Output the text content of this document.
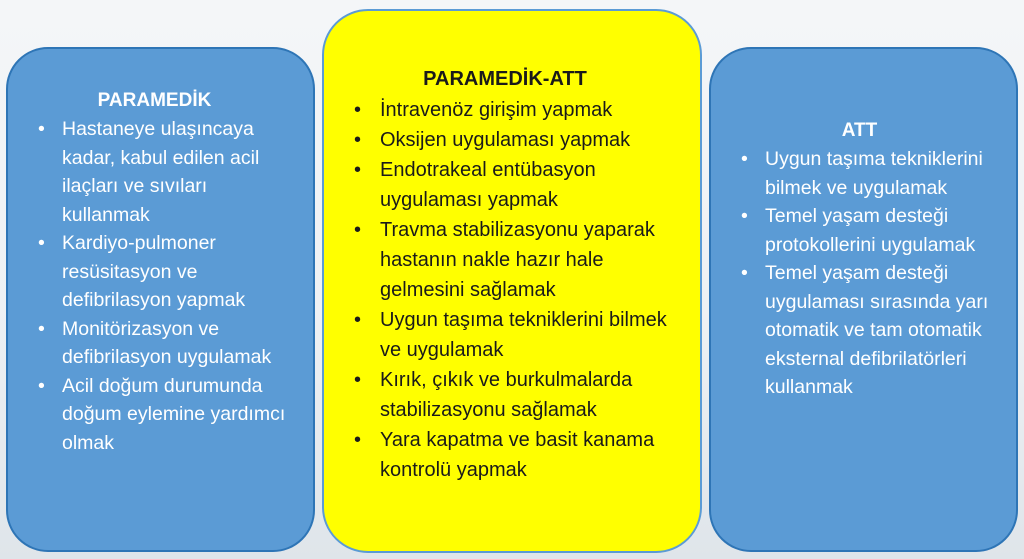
PARAMEDİK
• Hastaneye ulaşıncaya kadar, kabul edilen acil ilaçları ve sıvıları kullanmak
• Kardiyo-pulmoner resüsitasyon ve defibrilasyon yapmak
• Monitörizasyon ve defibrilasyon uygulamak
• Acil doğum durumunda doğum eylemine yardımcı olmak
PARAMEDİK-ATT
• İntravenöz girişim yapmak
• Oksijen uygulaması yapmak
• Endotrakeal entübasyon uygulaması yapmak
• Travma stabilizasyonu yaparak hastanın nakle hazır hale gelmesini sağlamak
• Uygun taşıma tekniklerini bilmek ve uygulamak
• Kırık, çıkık ve burkulmalarda stabilizasyonu sağlamak
• Yara kapatma ve basit kanama kontrolü yapmak
ATT
• Uygun taşıma tekniklerini bilmek ve uygulamak
• Temel yaşam desteği protokollerini uygulamak
• Temel yaşam desteği uygulaması sırasında yarı otomatik ve tam otomatik eksternal defibrilatörleri kullanmak
